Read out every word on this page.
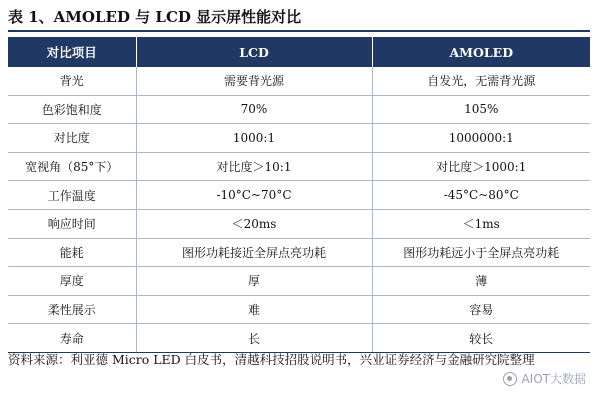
表 1、AMOLED 与 LCD 显示屏性能对比
对比项目	LCD	AMOLED
背光	需要背光源	自发光，无需背光源
色彩饱和度	70%	105%
对比度	1000:1	1000000:1
宽视角（85°下）	对比度＞10:1	对比度＞1000:1
工作温度	-10°C~70°C	-45°C~80°C
响应时间	＜20ms	＜1ms
能耗	图形功耗接近全屏点亮功耗	图形功耗远小于全屏点亮功耗
厚度	厚	薄
柔性展示	难	容易
寿命	长	较长
资料来源：利亚德 Micro LED 白皮书，清越科技招股说明书，兴业证券经济与金融研究院整理
AIOT大数据
